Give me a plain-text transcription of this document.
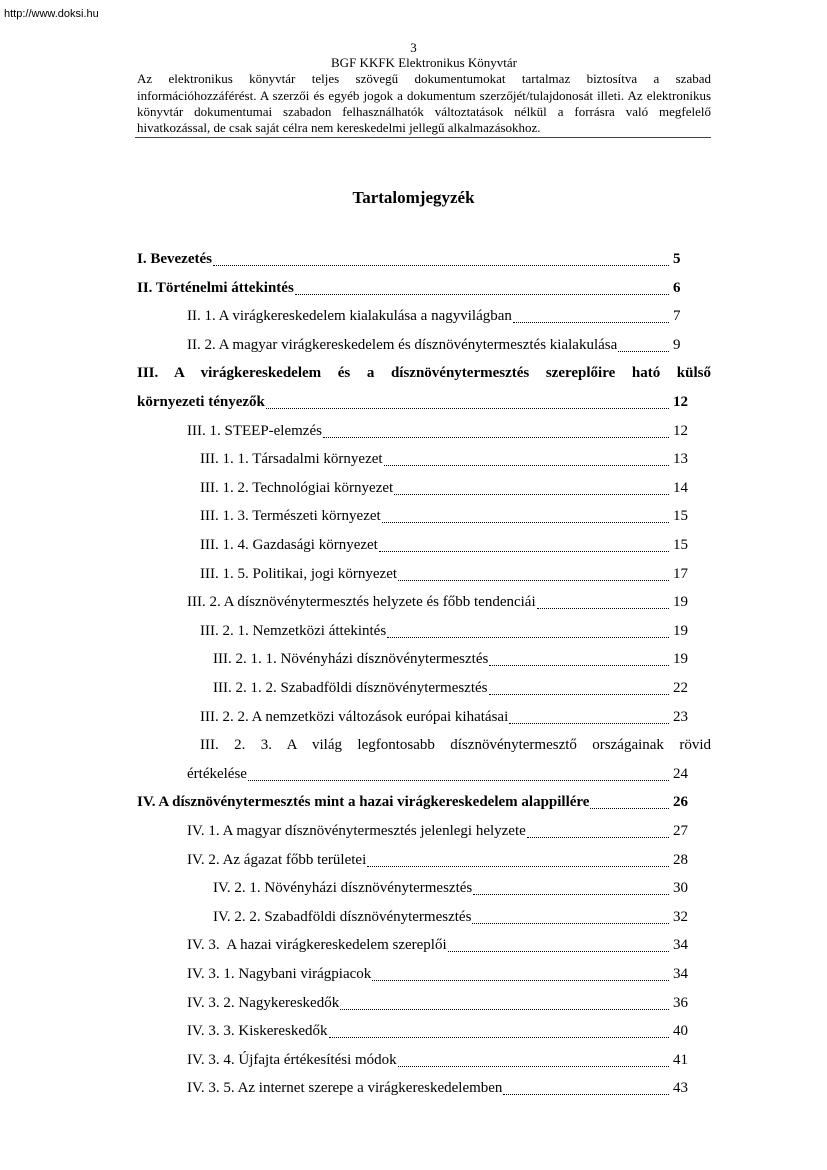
http://www.doksi.hu
3
BGF KKFK Elektronikus Könyvtár

Az elektronikus könyvtár teljes szövegű dokumentumokat tartalmaz biztosítva a szabad információhozzáférést. A szerzői és egyéb jogok a dokumentum szerzőjét/tulajdonosát illeti. Az elektronikus könyvtár dokumentumai szabadon felhasználhatók változtatások nélkül a forrásra való megfelelő hivatkozással, de csak saját célra nem kereskedelmi jellegű alkalmazásokhoz.

Tartalomjegyzék
I. Bevezetés	5
II. Történelmi áttekintés	6
II. 1. A virágkereskedelem kialakulása a nagyvilágban	7
II. 2. A magyar virágkereskedelem és dísznövénytermesztés kialakulása	9
III. A virágkereskedelem és a dísznövénytermesztés szereplőire ható külső
környezeti tényezők	12
III. 1. STEEP-elemzés	12
III. 1. 1. Társadalmi környezet	13
III. 1. 2. Technológiai környezet	14
III. 1. 3. Természeti környezet	15
III. 1. 4. Gazdasági környezet	15
III. 1. 5. Politikai, jogi környezet	17
III. 2. A dísznövénytermesztés helyzete és főbb tendenciái	19
III. 2. 1. Nemzetközi áttekintés	19
III. 2. 1. 1. Növényházi dísznövénytermesztés	19
III. 2. 1. 2. Szabadföldi dísznövénytermesztés	22
III. 2. 2. A nemzetközi változások európai kihatásai	23
III. 2. 3. A világ legfontosabb dísznövénytermesztő országainak rövid
értékelése	24
IV. A dísznövénytermesztés mint a hazai virágkereskedelem alappillére	26
IV. 1. A magyar dísznövénytermesztés jelenlegi helyzete	27
IV. 2. Az ágazat főbb területei	28
IV. 2. 1. Növényházi dísznövénytermesztés	30
IV. 2. 2. Szabadföldi dísznövénytermesztés	32
IV. 3.  A hazai virágkereskedelem szereplői	34
IV. 3. 1. Nagybani virágpiacok	34
IV. 3. 2. Nagykereskedők	36
IV. 3. 3. Kiskereskedők	40
IV. 3. 4. Újfajta értékesítési módok	41
IV. 3. 5. Az internet szerepe a virágkereskedelemben	43
